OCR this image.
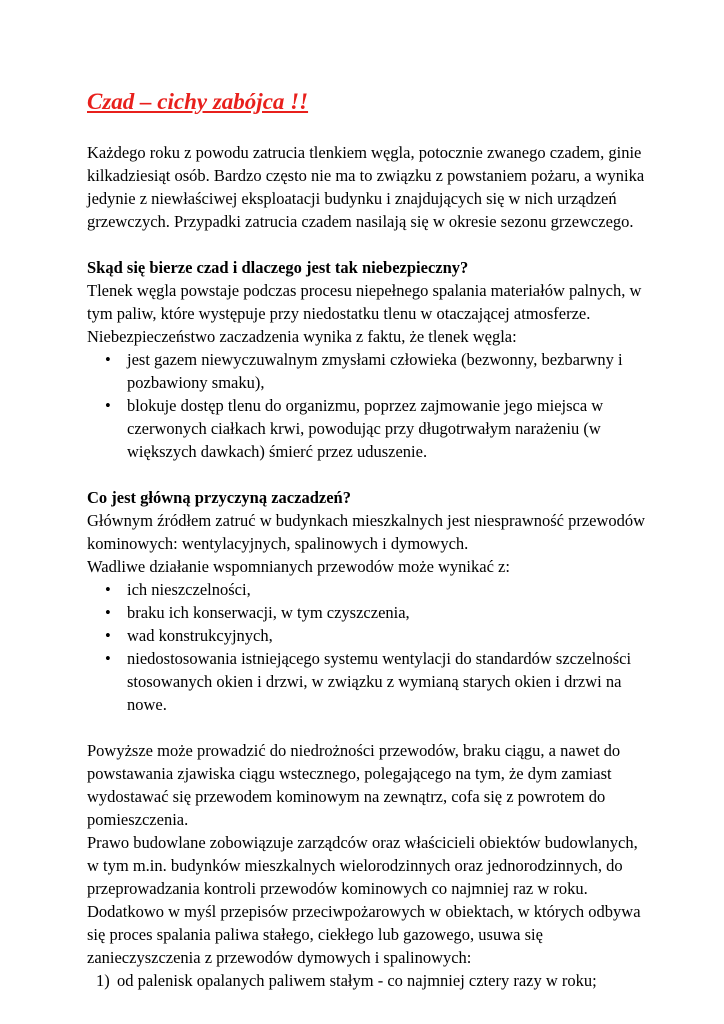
Czad – cichy zabójca !!

Każdego roku z powodu zatrucia tlenkiem węgla, potocznie zwanego czadem, ginie kilkadziesiąt osób. Bardzo często nie ma to związku z powstaniem pożaru, a wynika jedynie z niewłaściwej eksploatacji budynku i znajdujących się w nich urządzeń grzewczych. Przypadki zatrucia czadem nasilają się w okresie sezonu grzewczego.

Skąd się bierze czad i dlaczego jest tak niebezpieczny?

Tlenek węgla powstaje podczas procesu niepełnego spalania materiałów palnych, w tym paliw, które występuje przy niedostatku tlenu w otaczającej atmosferze.

Niebezpieczeństwo zaczadzenia wynika z faktu, że tlenek węgla:

• jest gazem niewyczuwalnym zmysłami człowieka (bezwonny, bezbarwny i pozbawiony smaku),
• blokuje dostęp tlenu do organizmu, poprzez zajmowanie jego miejsca w czerwonych ciałkach krwi, powodując przy długotrwałym narażeniu (w większych dawkach) śmierć przez uduszenie.
Co jest główną przyczyną zaczadzeń?

Głównym źródłem zatruć w budynkach mieszkalnych jest niesprawność przewodów kominowych: wentylacyjnych, spalinowych i dymowych.

Wadliwe działanie wspomnianych przewodów może wynikać z:

• ich nieszczelności,
• braku ich konserwacji, w tym czyszczenia,
• wad konstrukcyjnych,
• niedostosowania istniejącego systemu wentylacji do standardów szczelności stosowanych okien i drzwi, w związku z wymianą starych okien i drzwi na nowe.

Powyższe może prowadzić do niedrożności przewodów, braku ciągu, a nawet do powstawania zjawiska ciągu wstecznego, polegającego na tym, że dym zamiast wydostawać się przewodem kominowym na zewnątrz, cofa się z powrotem do pomieszczenia.

Prawo budowlane zobowiązuje zarządców oraz właścicieli obiektów budowlanych, w tym m.in. budynków mieszkalnych wielorodzinnych oraz jednorodzinnych, do przeprowadzania kontroli przewodów kominowych co najmniej raz w roku.

Dodatkowo w myśl przepisów przeciwpożarowych w obiektach, w których odbywa się proces spalania paliwa stałego, ciekłego lub gazowego, usuwa się zanieczyszczenia z przewodów dymowych i spalinowych:

1) od palenisk opalanych paliwem stałym - co najmniej cztery razy w roku;
